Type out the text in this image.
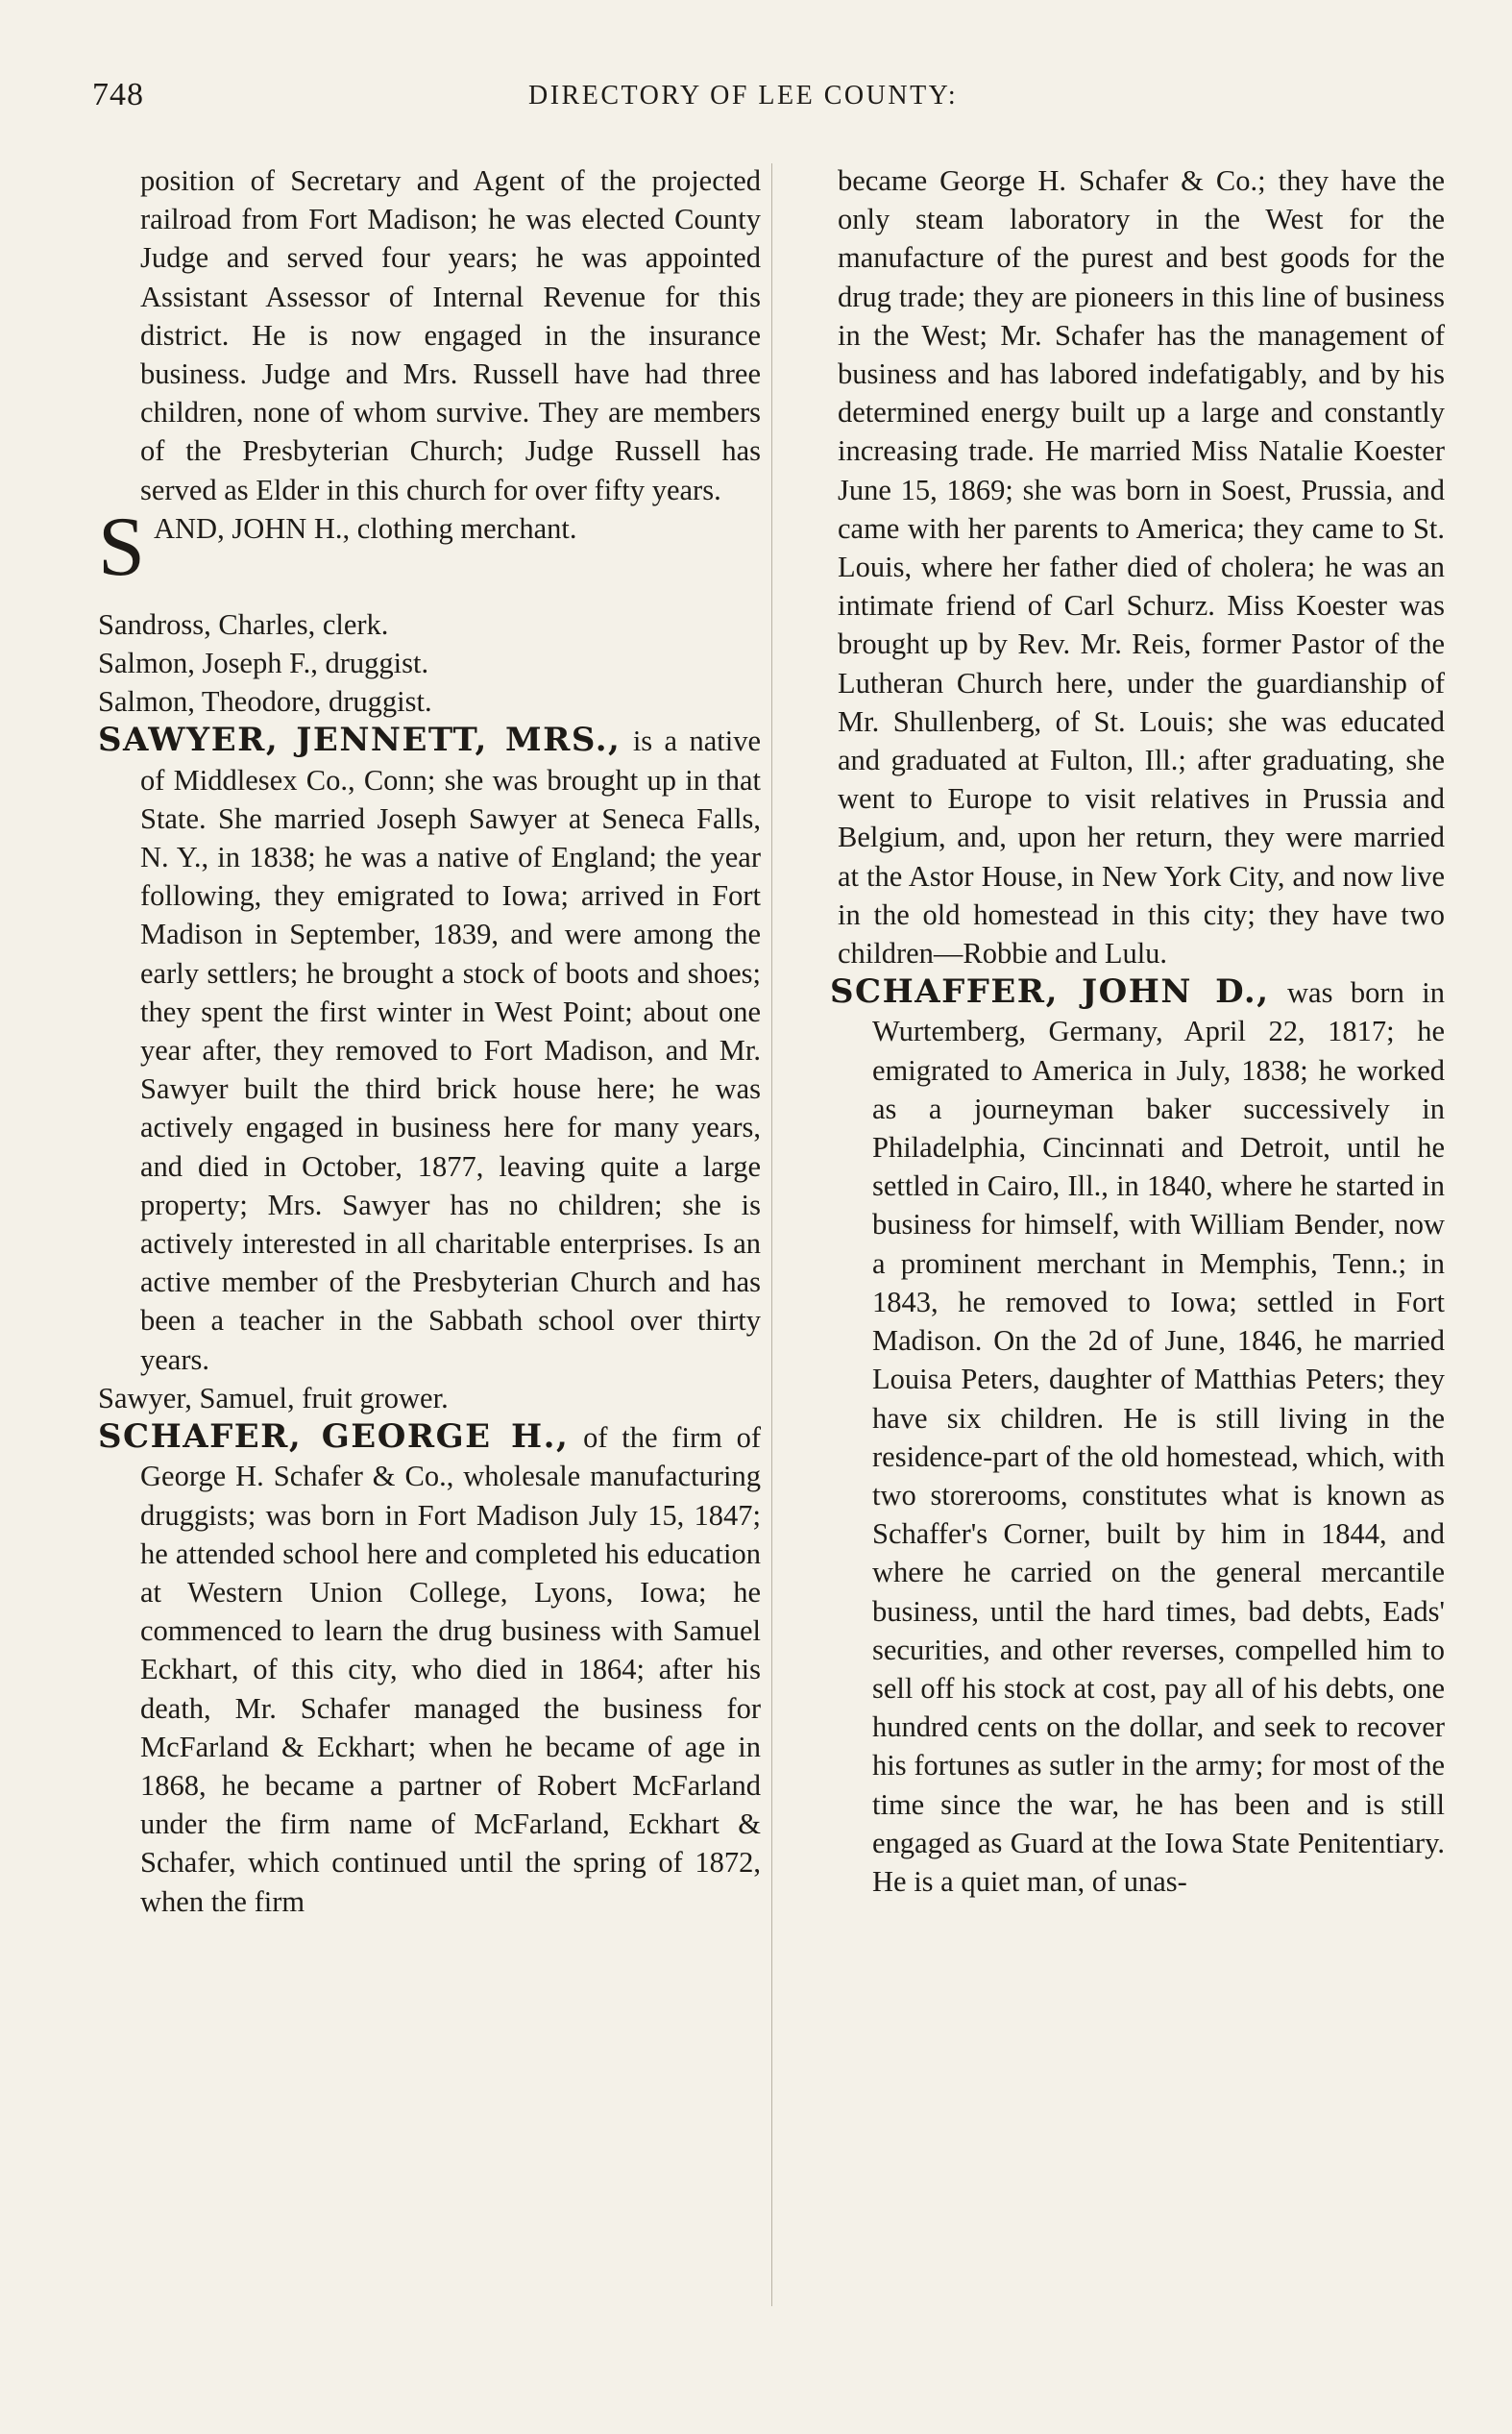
748	DIRECTORY OF LEE COUNTY:

position of Secretary and Agent of the projected railroad from Fort Madison; he was elected County Judge and served four years; he was appointed Assistant Assessor of Internal Revenue for this district. He is now engaged in the insurance business. Judge and Mrs. Russell have had three children, none of whom survive. They are members of the Presbyterian Church; Judge Russell has served as Elder in this church for over fifty years.

S AND, JOHN H., clothing merchant.

Sandross, Charles, clerk.

Salmon, Joseph F., druggist.

Salmon, Theodore, druggist.

SAWYER, JENNETT, MRS., is a native of Middlesex Co., Conn; she was brought up in that State. She married Joseph Sawyer at Seneca Falls, N. Y., in 1838; he was a native of England; the year following, they emigrated to Iowa; arrived in Fort Madison in September, 1839, and were among the early settlers; he brought a stock of boots and shoes; they spent the first winter in West Point; about one year after, they removed to Fort Madison, and Mr. Sawyer built the third brick house here; he was actively engaged in business here for many years, and died in October, 1877, leaving quite a large property; Mrs. Sawyer has no children; she is actively interested in all charitable enterprises. Is an active member of the Presbyterian Church and has been a teacher in the Sabbath school over thirty years.

Sawyer, Samuel, fruit grower.

SCHAFER, GEORGE H., of the firm of George H. Schafer & Co., wholesale manufacturing druggists; was born in Fort Madison July 15, 1847; he attended school here and completed his education at Western Union College, Lyons, Iowa; he commenced to learn the drug business with Samuel Eckhart, of this city, who died in 1864; after his death, Mr. Schafer managed the business for McFarland & Eckhart; when he became of age in 1868, he became a partner of Robert McFarland under the firm name of McFarland, Eckhart & Schafer, which continued until the spring of 1872, when the firm

became George H. Schafer & Co.; they have the only steam laboratory in the West for the manufacture of the purest and best goods for the drug trade; they are pioneers in this line of business in the West; Mr. Schafer has the management of business and has labored indefatigably, and by his determined energy built up a large and constantly increasing trade. He married Miss Natalie Koester June 15, 1869; she was born in Soest, Prussia, and came with her parents to America; they came to St. Louis, where her father died of cholera; he was an intimate friend of Carl Schurz. Miss Koester was brought up by Rev. Mr. Reis, former Pastor of the Lutheran Church here, under the guardianship of Mr. Shullenberg, of St. Louis; she was educated and graduated at Fulton, Ill.; after graduating, she went to Europe to visit relatives in Prussia and Belgium, and, upon her return, they were married at the Astor House, in New York City, and now live in the old homestead in this city; they have two children—Robbie and Lulu.

SCHAFFER, JOHN D., was born in Wurtemberg, Germany, April 22, 1817; he emigrated to America in July, 1838; he worked as a journeyman baker successively in Philadelphia, Cincinnati and Detroit, until he settled in Cairo, Ill., in 1840, where he started in business for himself, with William Bender, now a prominent merchant in Memphis, Tenn.; in 1843, he removed to Iowa; settled in Fort Madison. On the 2d of June, 1846, he married Louisa Peters, daughter of Matthias Peters; they have six children. He is still living in the residence-part of the old homestead, which, with two storerooms, constitutes what is known as Schaffer's Corner, built by him in 1844, and where he carried on the general mercantile business, until the hard times, bad debts, Eads' securities, and other reverses, compelled him to sell off his stock at cost, pay all of his debts, one hundred cents on the dollar, and seek to recover his fortunes as sutler in the army; for most of the time since the war, he has been and is still engaged as Guard at the Iowa State Penitentiary. He is a quiet man, of unas-
